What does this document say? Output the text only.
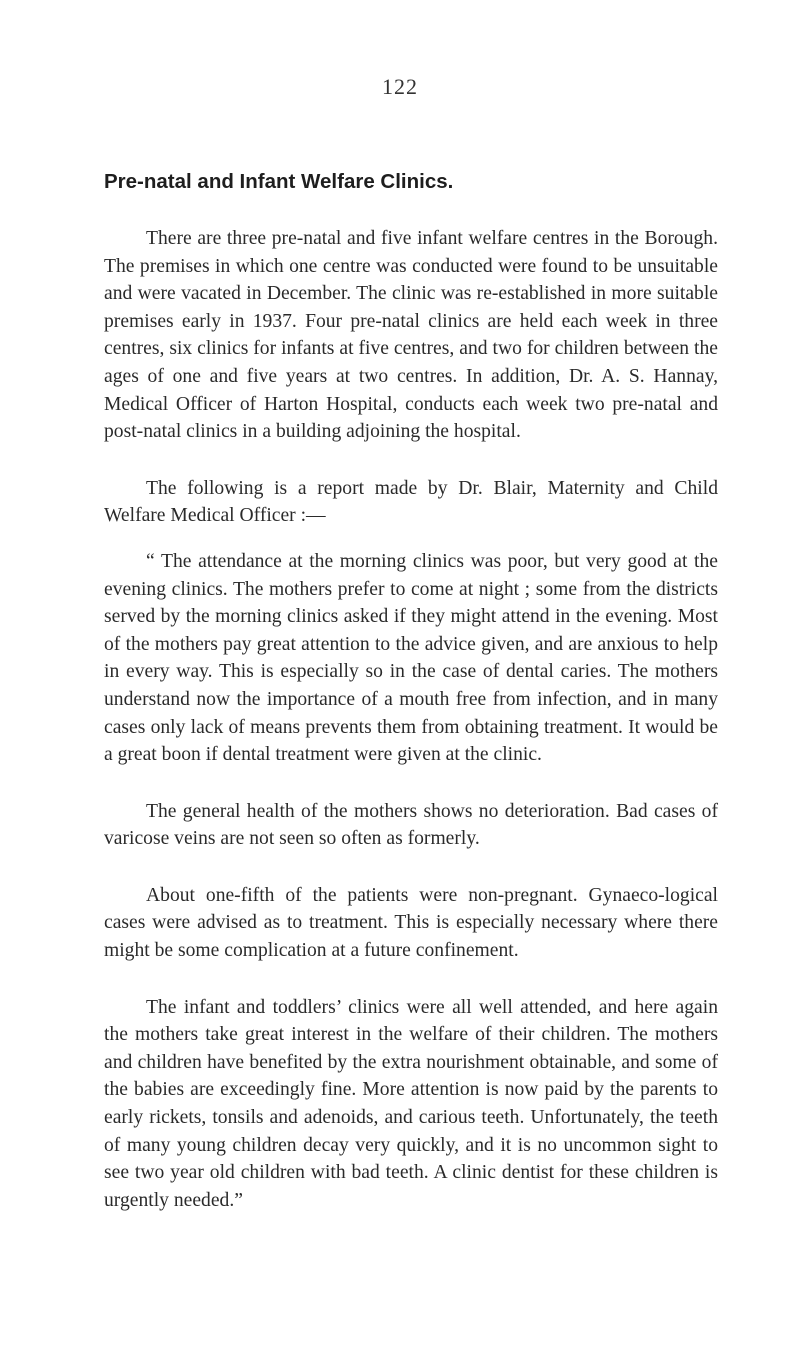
122
Pre-natal and Infant Welfare Clinics.

There are three pre-natal and five infant welfare centres in the Borough. The premises in which one centre was conducted were found to be unsuitable and were vacated in December. The clinic was re-established in more suitable premises early in 1937. Four pre-natal clinics are held each week in three centres, six clinics for infants at five centres, and two for children between the ages of one and five years at two centres. In addition, Dr. A. S. Hannay, Medical Officer of Harton Hospital, conducts each week two pre-natal and post-natal clinics in a building adjoining the hospital.

The following is a report made by Dr. Blair, Maternity and Child Welfare Medical Officer :—

“ The attendance at the morning clinics was poor, but very good at the evening clinics. The mothers prefer to come at night ; some from the districts served by the morning clinics asked if they might attend in the evening. Most of the mothers pay great attention to the advice given, and are anxious to help in every way. This is especially so in the case of dental caries. The mothers understand now the importance of a mouth free from infection, and in many cases only lack of means prevents them from obtaining treatment. It would be a great boon if dental treatment were given at the clinic.

The general health of the mothers shows no deterioration. Bad cases of varicose veins are not seen so often as formerly.

About one-fifth of the patients were non-pregnant. Gynaeco-logical cases were advised as to treatment. This is especially necessary where there might be some complication at a future confinement.

The infant and toddlers’ clinics were all well attended, and here again the mothers take great interest in the welfare of their children. The mothers and children have benefited by the extra nourishment obtainable, and some of the babies are exceedingly fine. More attention is now paid by the parents to early rickets, tonsils and adenoids, and carious teeth. Unfortunately, the teeth of many young children decay very quickly, and it is no uncommon sight to see two year old children with bad teeth. A clinic dentist for these children is urgently needed.”
